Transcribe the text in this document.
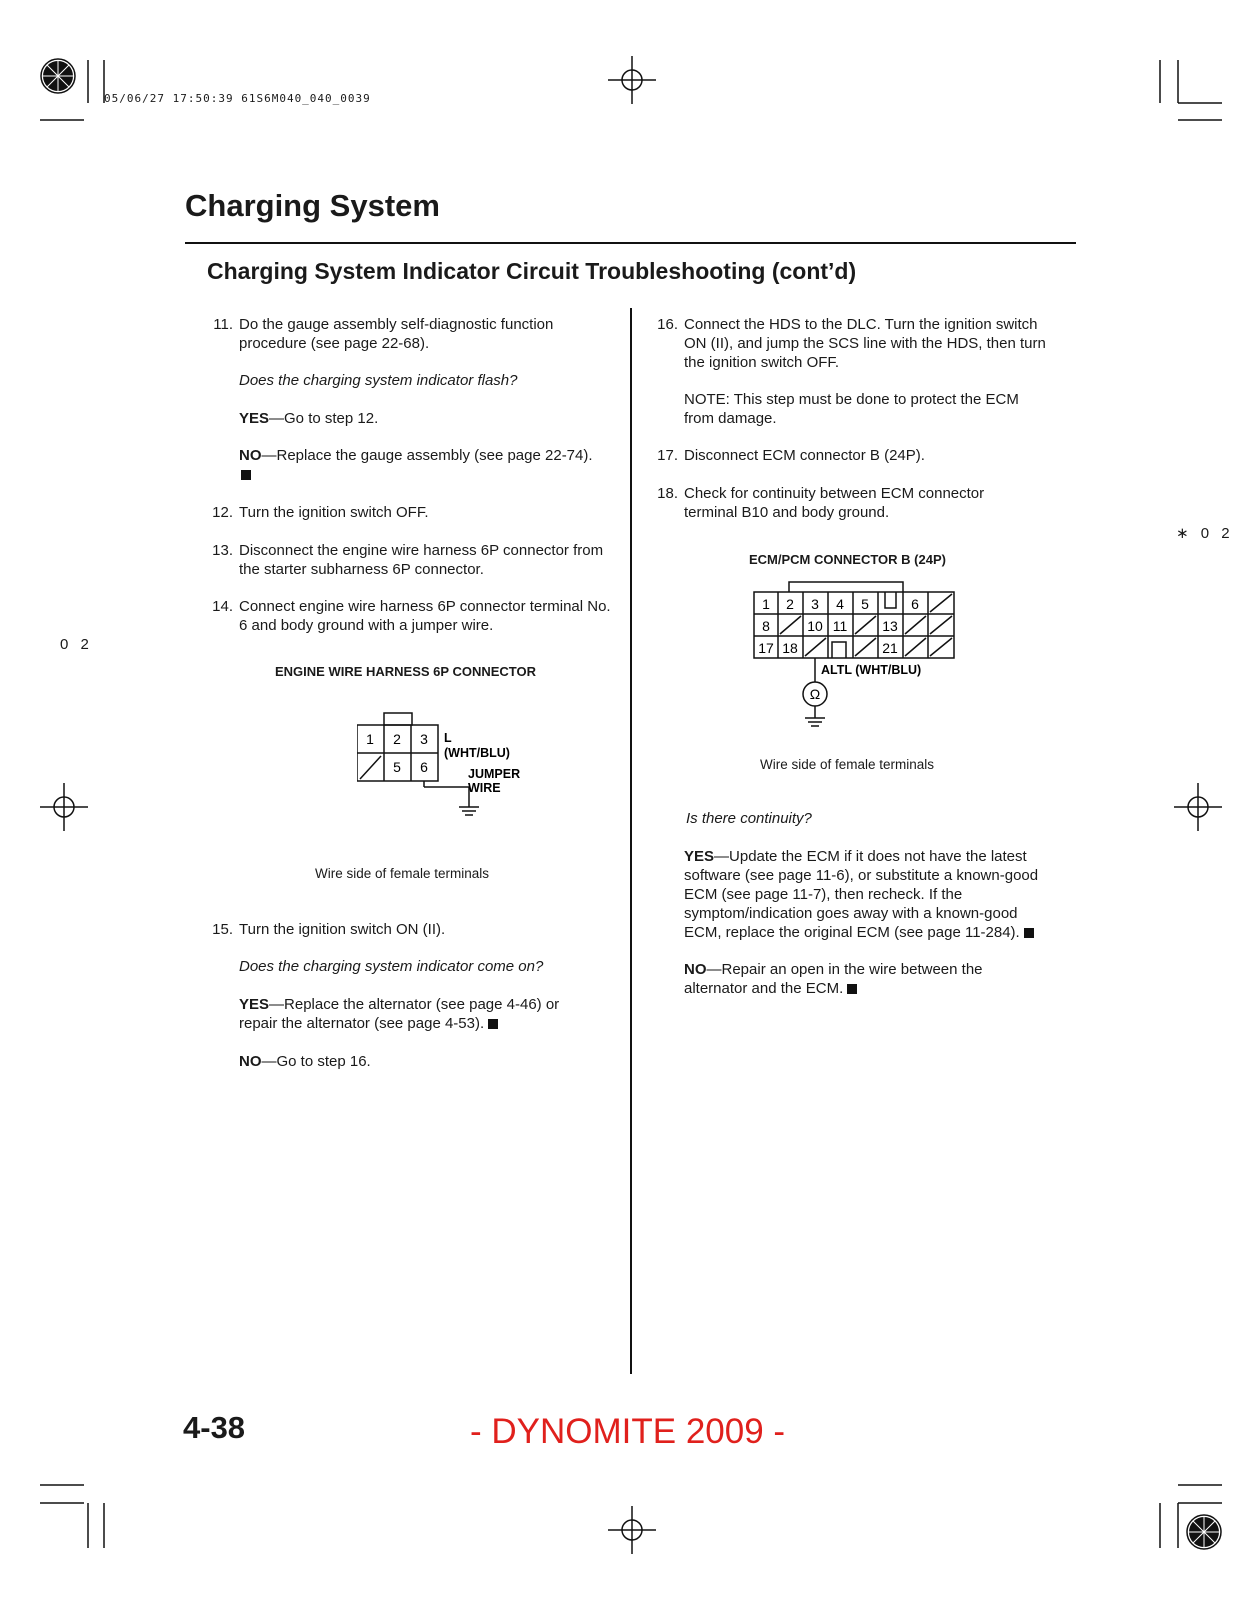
05/06/27 17:50:39 61S6M040_040_0039
Charging System
Charging System Indicator Circuit Troubleshooting (cont’d)
0 2
∗ 0 2
11. Do the gauge assembly self-diagnostic function procedure (see page 22-68).
Does the charging system indicator flash?
YES—Go to step 12.
NO—Replace the gauge assembly (see page 22-74).

12. Turn the ignition switch OFF.
13. Disconnect the engine wire harness 6P connector from the starter subharness 6P connector.
14. Connect engine wire harness 6P connector terminal No. 6 and body ground with a jumper wire.
ENGINE WIRE HARNESS 6P CONNECTOR
1 2 3
5 6
L
(WHT/BLU)
JUMPER
WIRE
Wire side of female terminals
15. Turn the ignition switch ON (II).
Does the charging system indicator come on?
YES—Replace the alternator (see page 4-46) or repair the alternator (see page 4-53).
NO—Go to step 16.
16. Connect the HDS to the DLC. Turn the ignition switch ON (II), and jump the SCS line with the HDS, then turn the ignition switch OFF.
NOTE: This step must be done to protect the ECM from damage.
17. Disconnect ECM connector B (24P).
18. Check for continuity between ECM connector terminal B10 and body ground.
ECM/PCM CONNECTOR B (24P)
Ω
1 2 3 4 5	6
8	10 11 13
17 18	21
ALTL (WHT/BLU)
Wire side of female terminals
Is there continuity?
YES—Update the ECM if it does not have the latest software (see page 11-6), or substitute a known-good ECM (see page 11-7), then recheck. If the symptom/indication goes away with a known-good ECM, replace the original ECM (see page 11-284).
NO—Repair an open in the wire between the alternator and the ECM.
4-38	- DYNOMITE 2009 -
